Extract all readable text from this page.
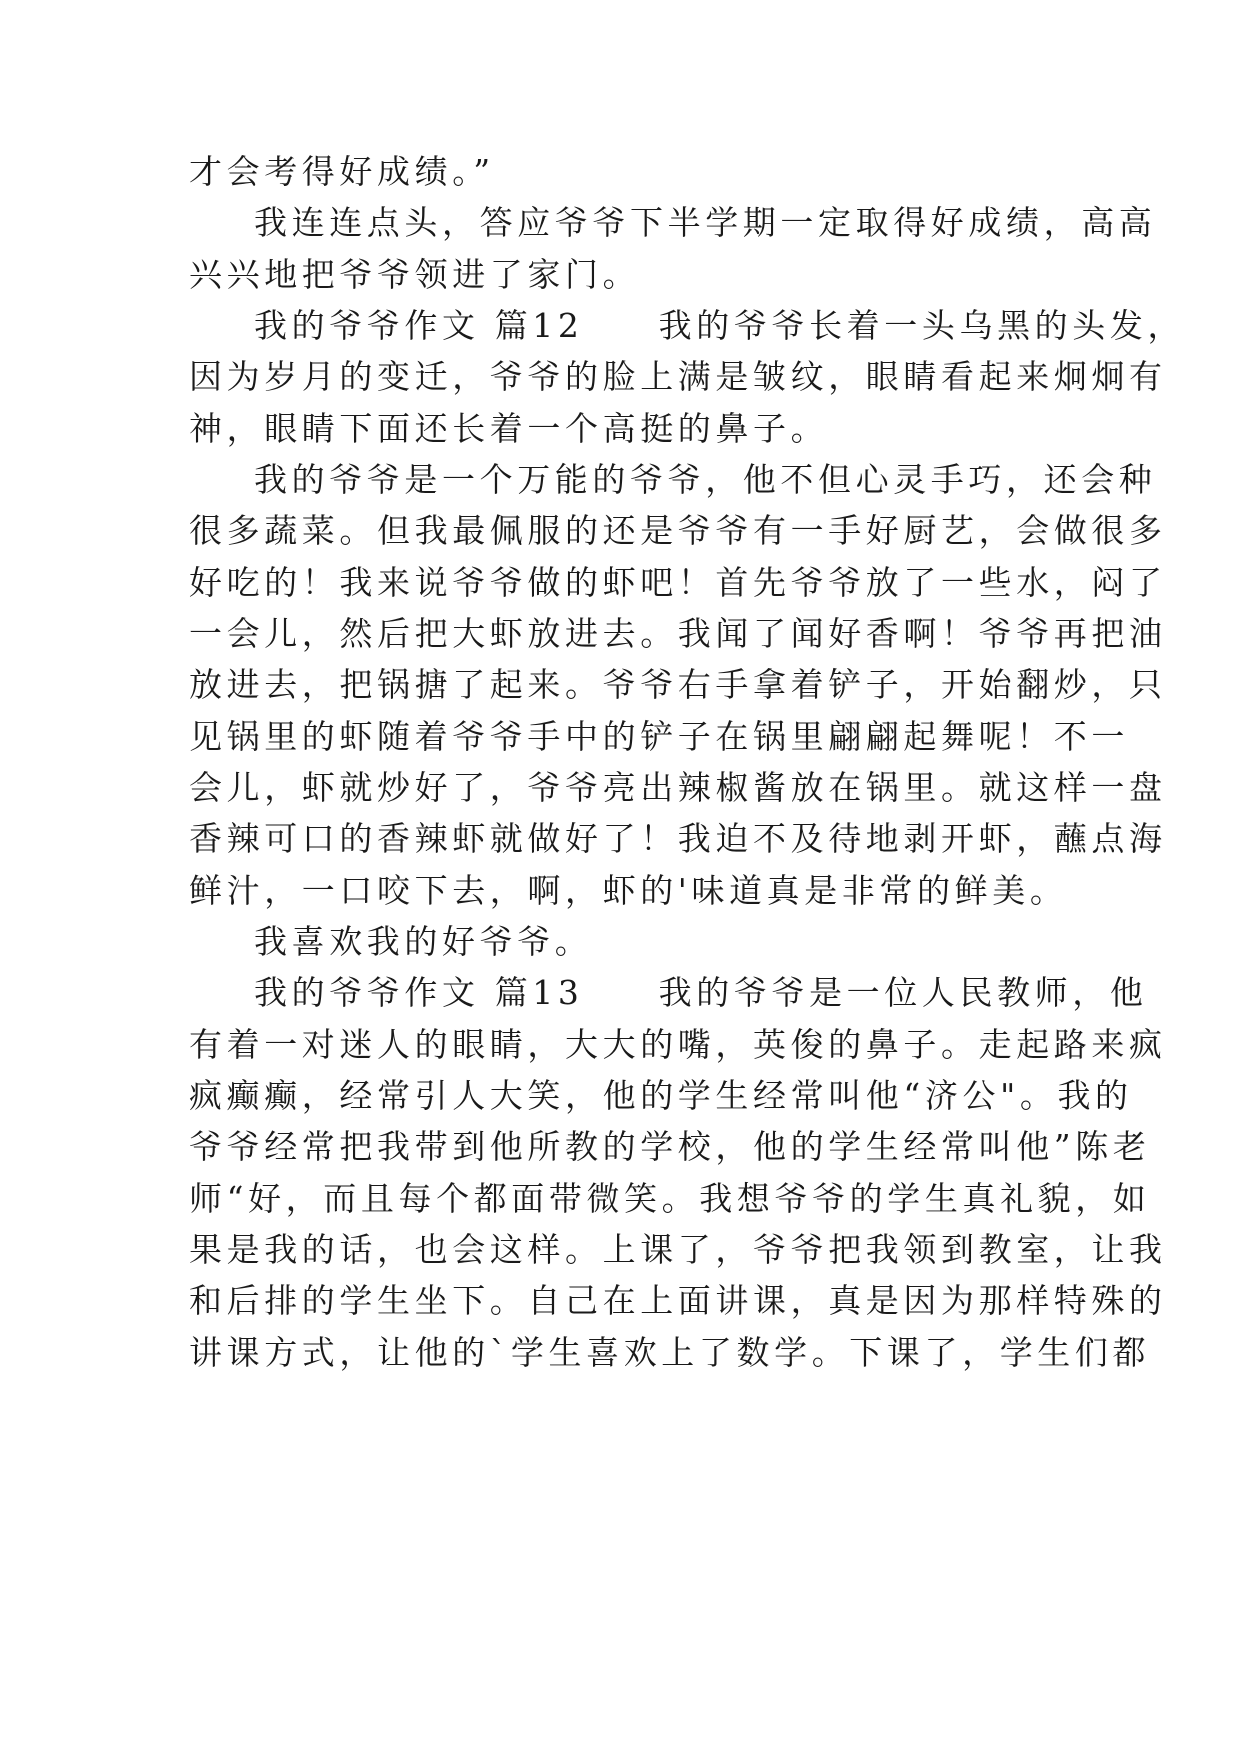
才会考得好成绩。”
我连连点头，答应爷爷下半学期一定取得好成绩，高高
兴兴地把爷爷领进了家门。
我的爷爷作文 篇12　　我的爷爷长着一头乌黑的头发，
因为岁月的变迁，爷爷的脸上满是皱纹，眼睛看起来炯炯有
神，眼睛下面还长着一个高挺的鼻子。
我的爷爷是一个万能的爷爷，他不但心灵手巧，还会种
很多蔬菜。但我最佩服的还是爷爷有一手好厨艺，会做很多
好吃的！我来说爷爷做的虾吧！首先爷爷放了一些水，闷了
一会儿，然后把大虾放进去。我闻了闻好香啊！爷爷再把油
放进去，把锅搪了起来。爷爷右手拿着铲子，开始翻炒，只
见锅里的虾随着爷爷手中的铲子在锅里翩翩起舞呢！不一
会儿，虾就炒好了，爷爷亮出辣椒酱放在锅里。就这样一盘
香辣可口的香辣虾就做好了！我迫不及待地剥开虾，蘸点海
鲜汁，一口咬下去，啊，虾的'味道真是非常的鲜美。
我喜欢我的好爷爷。
我的爷爷作文 篇13　　我的爷爷是一位人民教师，他
有着一对迷人的眼睛，大大的嘴，英俊的鼻子。走起路来疯
疯癫癫，经常引人大笑，他的学生经常叫他“济公"。我的
爷爷经常把我带到他所教的学校，他的学生经常叫他”陈老
师“好，而且每个都面带微笑。我想爷爷的学生真礼貌，如
果是我的话，也会这样。上课了，爷爷把我领到教室，让我
和后排的学生坐下。自己在上面讲课，真是因为那样特殊的
讲课方式，让他的`学生喜欢上了数学。下课了，学生们都
